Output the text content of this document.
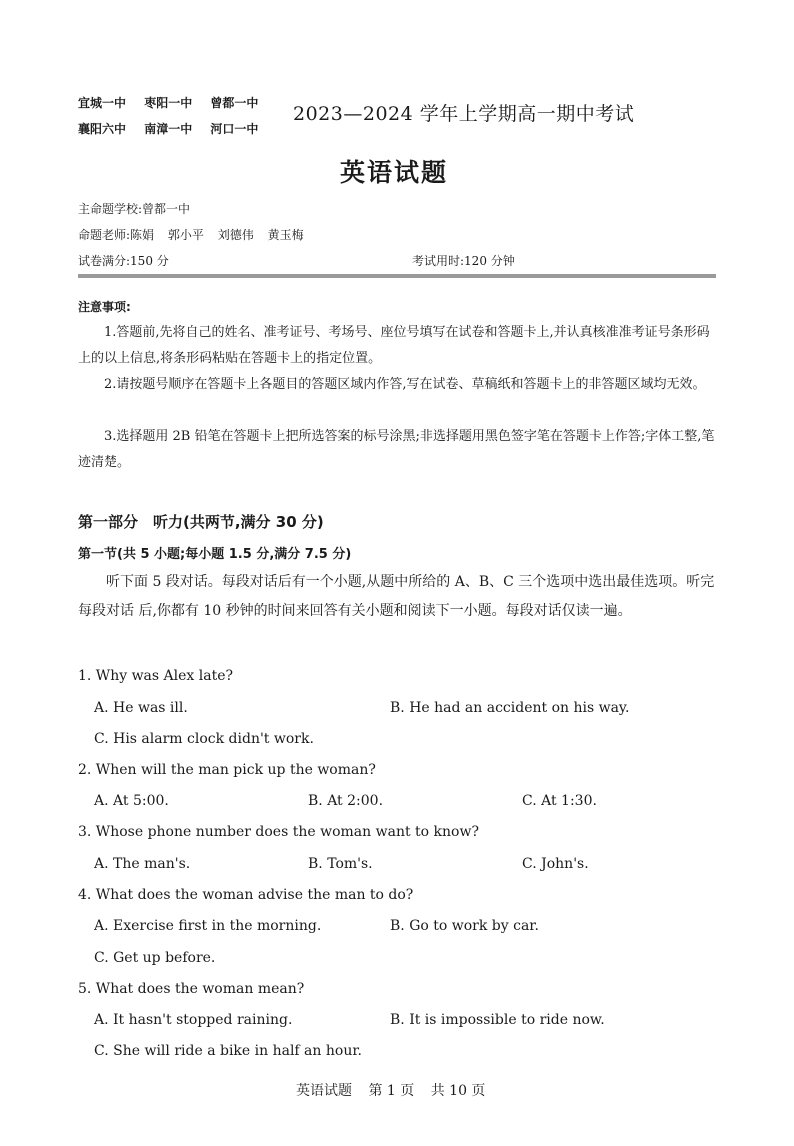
宜城一中 枣阳一中 曾都一中
襄阳六中 南漳一中 河口一中
2023—2024 学年上学期高一期中考试
英语试题
主命题学校:曾都一中
命题老师:陈娟 郭小平 刘德伟 黄玉梅
试卷满分:150 分	考试用时:120 分钟
注意事项:
1.答题前,先将自己的姓名、准考证号、考场号、座位号填写在试卷和答题卡上,并认真核准准考证号条形码上的以上信息,将条形码粘贴在答题卡上的指定位置。
2.请按题号顺序在答题卡上各题目的答题区域内作答,写在试卷、草稿纸和答题卡上的非答题区域均无效。
3.选择题用 2B 铅笔在答题卡上把所选答案的标号涂黑;非选择题用黑色签字笔在答题卡上作答;字体工整,笔迹清楚。
第一部分　听力(共两节,满分 30 分)
第一节(共 5 小题;每小题 1.5 分,满分 7.5 分)
听下面 5 段对话。每段对话后有一个小题,从题中所给的 A、B、C 三个选项中选出最佳选项。听完每段对话 后,你都有 10 秒钟的时间来回答有关小题和阅读下一小题。每段对话仅读一遍。
1. Why was Alex late?
A. He was ill.	B. He had an accident on his way.
C. His alarm clock didn't work.
2. When will the man pick up the woman?
A. At 5:00.	B. At 2:00.	C. At 1:30.
3. Whose phone number does the woman want to know?
A. The man's.	B. Tom's.	C. John's.
4. What does the woman advise the man to do?
A. Exercise first in the morning.	B. Go to work by car.
C. Get up before.
5. What does the woman mean?
A. It hasn't stopped raining.	B. It is impossible to ride now.
C. She will ride a bike in half an hour.
英语试题 第 1 页 共 10 页
